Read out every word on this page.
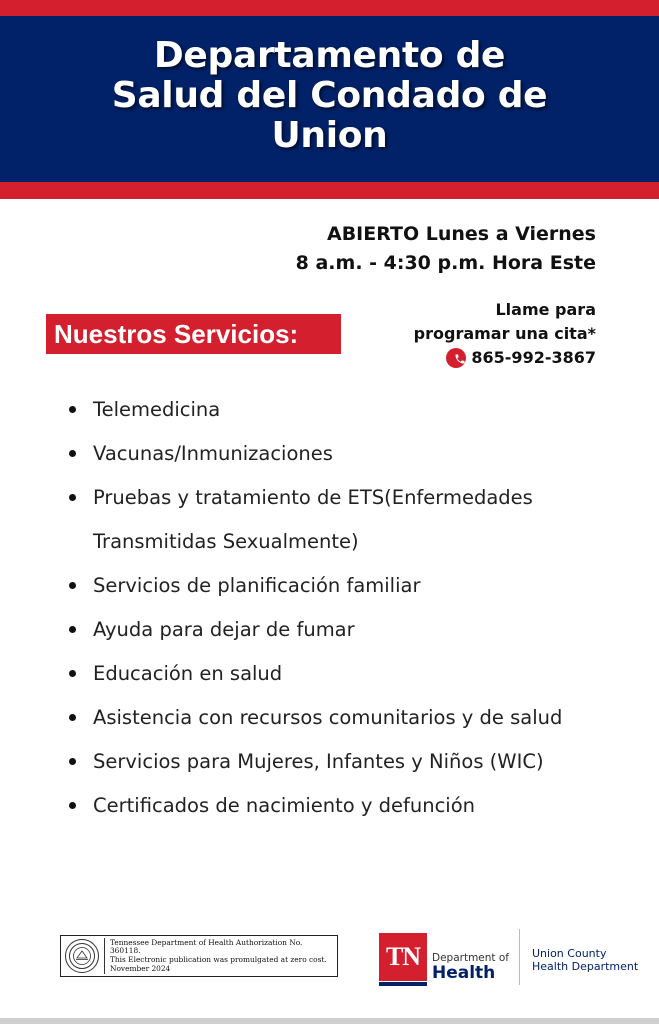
Departamento de
Salud del Condado de
Union
ABIERTO Lunes a Viernes
8 a.m. - 4:30 p.m. Hora Este
Nuestros Servicios:
Llame para
programar una cita*
865-992-3867
Telemedicina
Vacunas/Inmunizaciones
Pruebas y tratamiento de ETS(Enfermedades Transmitidas Sexualmente)
Servicios de planificación familiar
Ayuda para dejar de fumar
Educación en salud
Asistencia con recursos comunitarios y de salud
Servicios para Mujeres, Infantes y Niños (WIC)
Certificados de nacimiento y defunción
Tennessee Department of Health Authorization No. 360118.
This Electronic publication was promulgated at zero cost.
November 2024	TN	Department of
Health
Union County
Health Department
